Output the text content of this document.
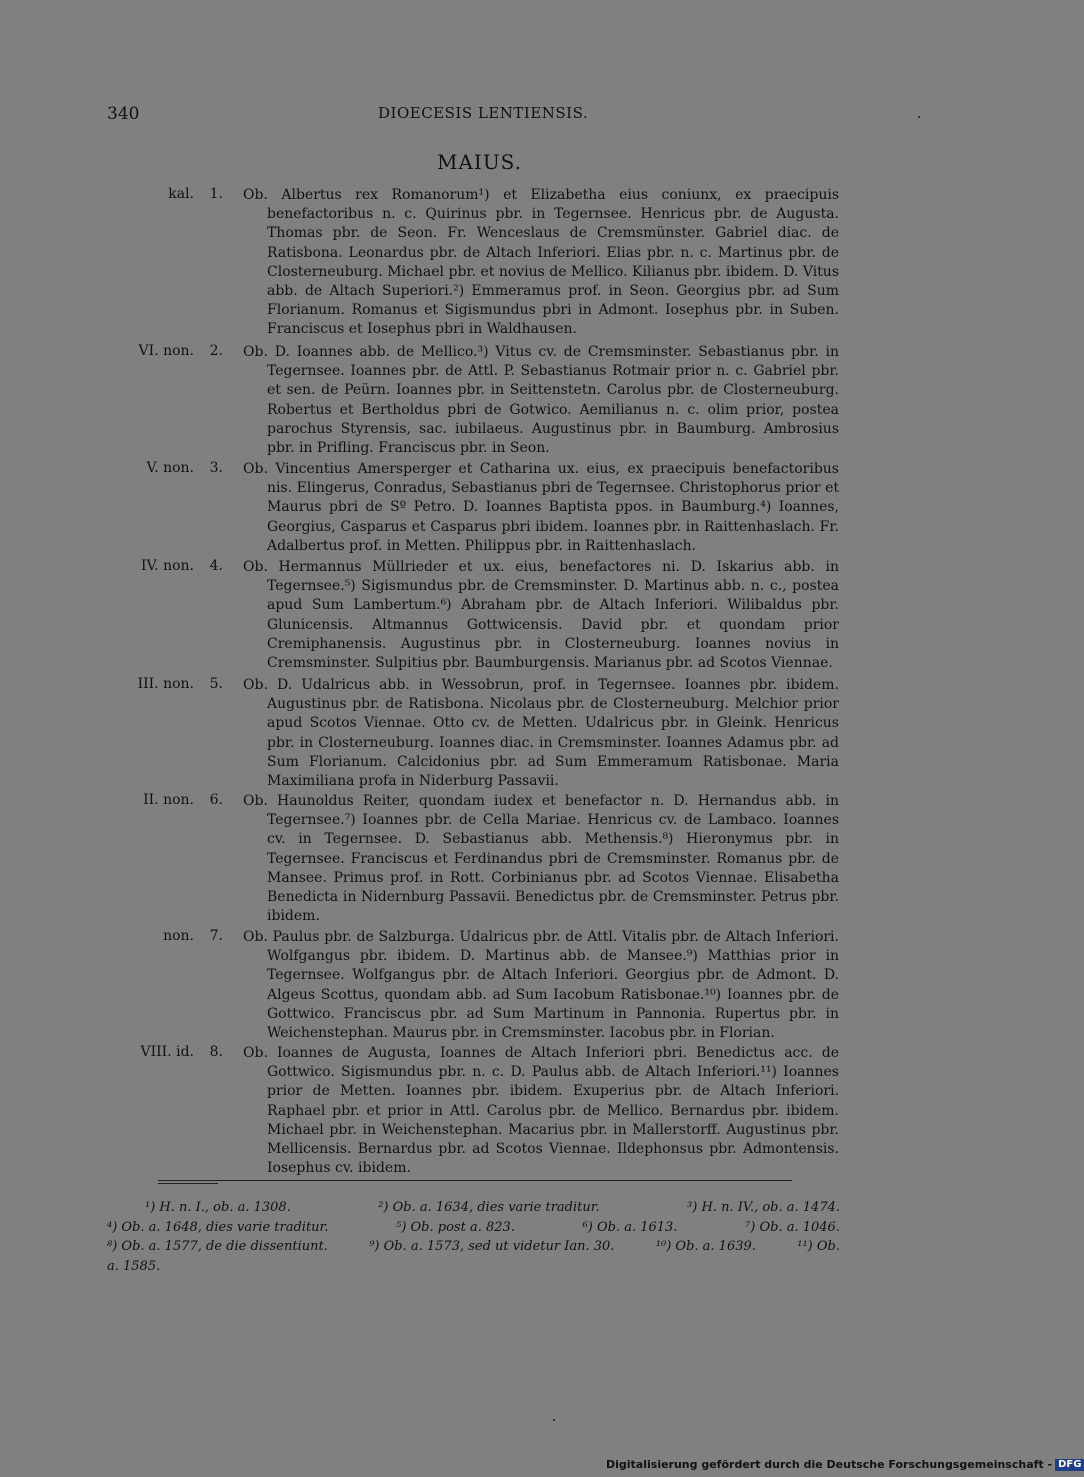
340	DIOECESIS LENTIENSIS.
MAIUS.
kal. 1. Ob. Albertus rex Romanorum¹) et Elizabetha eius coniunx, ex praecipuis benefactoribus n. c. Quirinus pbr. in Tegernsee. Henricus pbr. de Augusta. Thomas pbr. de Seon. Fr. Wenceslaus de Cremsmünster. Gabriel diac. de Ratisbona. Leonardus pbr. de Altach Inferiori. Elias pbr. n. c. Martinus pbr. de Closterneuburg. Michael pbr. et novius de Mellico. Kilianus pbr. ibidem. D. Vitus abb. de Altach Superiori.²) Emmeramus prof. in Seon. Georgius pbr. ad Sum Florianum. Romanus et Sigismundus pbri in Admont. Iosephus pbr. in Suben. Franciscus et Iosephus pbri in Waldhausen.
VI. non. 2. Ob. D. Ioannes abb. de Mellico.³) Vitus cv. de Cremsminster. Sebastianus pbr. in Tegernsee. Ioannes pbr. de Attl. P. Sebastianus Rotmair prior n. c. Gabriel pbr. et sen. de Peürn. Ioannes pbr. in Seittenstetn. Carolus pbr. de Closterneuburg. Robertus et Bertholdus pbri de Gotwico. Aemilianus n. c. olim prior, postea parochus Styrensis, sac. iubilaeus. Augustinus pbr. in Baumburg. Ambrosius pbr. in Prifling. Franciscus pbr. in Seon.
V. non. 3. Ob. Vincentius Amersperger et Catharina ux. eius, ex praecipuis benefactoribus nis. Elingerus, Conradus, Sebastianus pbri de Tegernsee. Christophorus prior et Maurus pbri de Sº Petro. D. Ioannes Baptista ppos. in Baumburg.⁴) Ioannes, Georgius, Casparus et Casparus pbri ibidem. Ioannes pbr. in Raittenhaslach. Fr. Adalbertus prof. in Metten. Philippus pbr. in Raittenhaslach.
IV. non. 4. Ob. Hermannus Müllrieder et ux. eius, benefactores ni. D. Iskarius abb. in Tegernsee.⁵) Sigismundus pbr. de Cremsminster. D. Martinus abb. n. c., postea apud Sum Lambertum.⁶) Abraham pbr. de Altach Inferiori. Wilibaldus pbr. Glunicensis. Altmannus Gottwicensis. David pbr. et quondam prior Cremiphanensis. Augustinus pbr. in Closterneuburg. Ioannes novius in Cremsminster. Sulpitius pbr. Baumburgensis. Marianus pbr. ad Scotos Viennae.
III. non. 5. Ob. D. Udalricus abb. in Wessobrun, prof. in Tegernsee. Ioannes pbr. ibidem. Augustinus pbr. de Ratisbona. Nicolaus pbr. de Closterneuburg. Melchior prior apud Scotos Viennae. Otto cv. de Metten. Udalricus pbr. in Gleink. Henricus pbr. in Closterneuburg. Ioannes diac. in Cremsminster. Ioannes Adamus pbr. ad Sum Florianum. Calcidonius pbr. ad Sum Emmeramum Ratisbonae. Maria Maximiliana profa in Niderburg Passavii.
II. non. 6. Ob. Haunoldus Reiter, quondam iudex et benefactor n. D. Hernandus abb. in Tegernsee.⁷) Ioannes pbr. de Cella Mariae. Henricus cv. de Lambaco. Ioannes cv. in Tegernsee. D. Sebastianus abb. Methensis.⁸) Hieronymus pbr. in Tegernsee. Franciscus et Ferdinandus pbri de Cremsminster. Romanus pbr. de Mansee. Primus prof. in Rott. Corbinianus pbr. ad Scotos Viennae. Elisabetha Benedicta in Nidernburg Passavii. Benedictus pbr. de Cremsminster. Petrus pbr. ibidem.
non. 7. Ob. Paulus pbr. de Salzburga. Udalricus pbr. de Attl. Vitalis pbr. de Altach Inferiori. Wolfgangus pbr. ibidem. D. Martinus abb. de Mansee.⁹) Matthias prior in Tegernsee. Wolfgangus pbr. de Altach Inferiori. Georgius pbr. de Admont. D. Algeus Scottus, quondam abb. ad Sum Iacobum Ratisbonae.¹⁰) Ioannes pbr. de Gottwico. Franciscus pbr. ad Sum Martinum in Pannonia. Rupertus pbr. in Weichenstephan. Maurus pbr. in Cremsminster. Iacobus pbr. in Florian.
VIII. id. 8. Ob. Ioannes de Augusta, Ioannes de Altach Inferiori pbri. Benedictus acc. de Gottwico. Sigismundus pbr. n. c. D. Paulus abb. de Altach Inferiori.¹¹) Ioannes prior de Metten. Ioannes pbr. ibidem. Exuperius pbr. de Altach Inferiori. Raphael pbr. et prior in Attl. Carolus pbr. de Mellico. Bernardus pbr. ibidem. Michael pbr. in Weichenstephan. Macarius pbr. in Mallerstorff. Augustinus pbr. Mellicensis. Bernardus pbr. ad Scotos Viennae. Ildephonsus pbr. Admontensis. Iosephus cv. ibidem.
¹) H. n. I., ob. a. 1308.	²) Ob. a. 1634, dies varie traditur.	³) H. n. IV., ob. a. 1474.
⁴) Ob. a. 1648, dies varie traditur.	⁵) Ob. post a. 823.	⁶) Ob. a. 1613.	⁷) Ob. a. 1046.
⁸) Ob. a. 1577, de die dissentiunt.	⁹) Ob. a. 1573, sed ut videtur Ian. 30.	¹⁰) Ob. a. 1639.	¹¹) Ob.
a. 1585.
Digitalisierung gefördert durch die Deutsche Forschungsgemeinschaft - DFG
